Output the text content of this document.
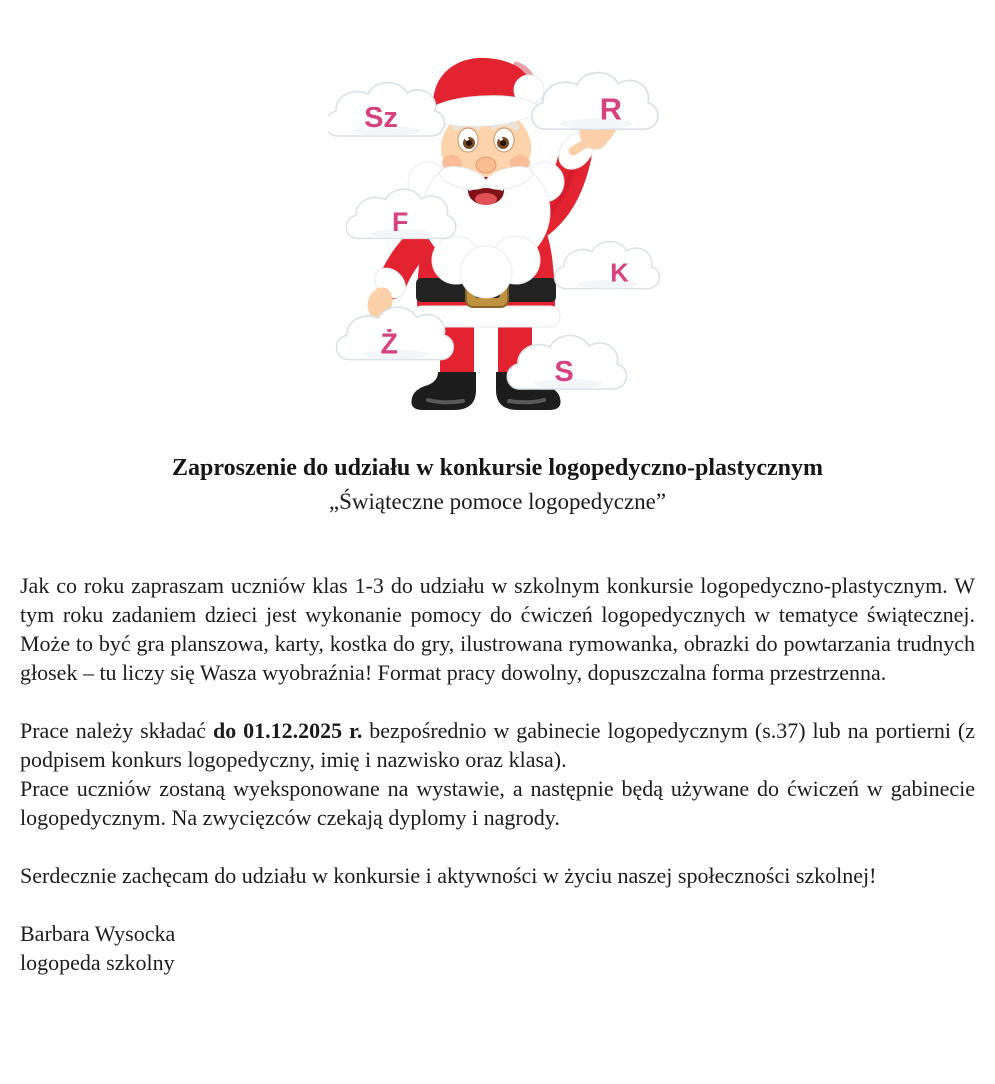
Sz	R
F
K
Ż
S
Zaproszenie do udziału w konkursie logopedyczno-plastycznym
„Świąteczne pomoce logopedyczne”

Jak co roku zapraszam uczniów klas 1-3 do udziału w szkolnym konkursie logopedyczno-plastycznym. W tym roku zadaniem dzieci jest wykonanie pomocy do ćwiczeń logopedycznych w tematyce świątecznej. Może to być gra planszowa, karty, kostka do gry, ilustrowana rymowanka, obrazki do powtarzania trudnych głosek – tu liczy się Wasza wyobraźnia! Format pracy dowolny, dopuszczalna forma przestrzenna.

Prace należy składać do 01.12.2025 r. bezpośrednio w gabinecie logopedycznym (s.37) lub na portierni (z podpisem konkurs logopedyczny, imię i nazwisko oraz klasa).

Prace uczniów zostaną wyeksponowane na wystawie, a następnie będą używane do ćwiczeń w gabinecie logopedycznym. Na zwycięzców czekają dyplomy i nagrody.

Serdecznie zachęcam do udziału w konkursie i aktywności w życiu naszej społeczności szkolnej!

Barbara Wysocka

logopeda szkolny
